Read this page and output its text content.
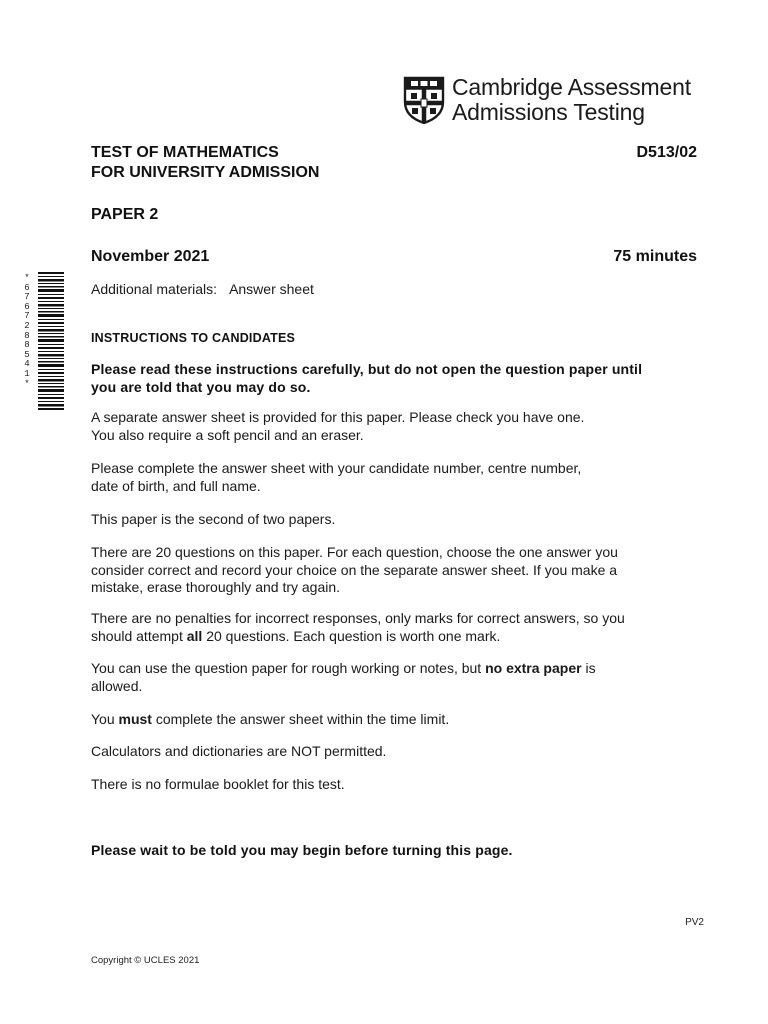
Cambridge Assessment
Admissions Testing
TEST OF MATHEMATICS
FOR UNIVERSITY ADMISSION
D513/02
PAPER 2
November 2021	75 minutes
Additional materials: Answer sheet
*
6
7
6
7
2
8
8
5
4
1
*
INSTRUCTIONS TO CANDIDATES
Please read these instructions carefully, but do not open the question paper until
you are told that you may do so.
A separate answer sheet is provided for this paper. Please check you have one.
You also require a soft pencil and an eraser.
Please complete the answer sheet with your candidate number, centre number,
date of birth, and full name.
This paper is the second of two papers.
There are 20 questions on this paper. For each question, choose the one answer you
consider correct and record your choice on the separate answer sheet. If you make a
mistake, erase thoroughly and try again.
There are no penalties for incorrect responses, only marks for correct answers, so you
should attempt all 20 questions. Each question is worth one mark.
You can use the question paper for rough working or notes, but no extra paper is
allowed.
You must complete the answer sheet within the time limit.
Calculators and dictionaries are NOT permitted.
There is no formulae booklet for this test.
Please wait to be told you may begin before turning this page.
PV2
Copyright © UCLES 2021
